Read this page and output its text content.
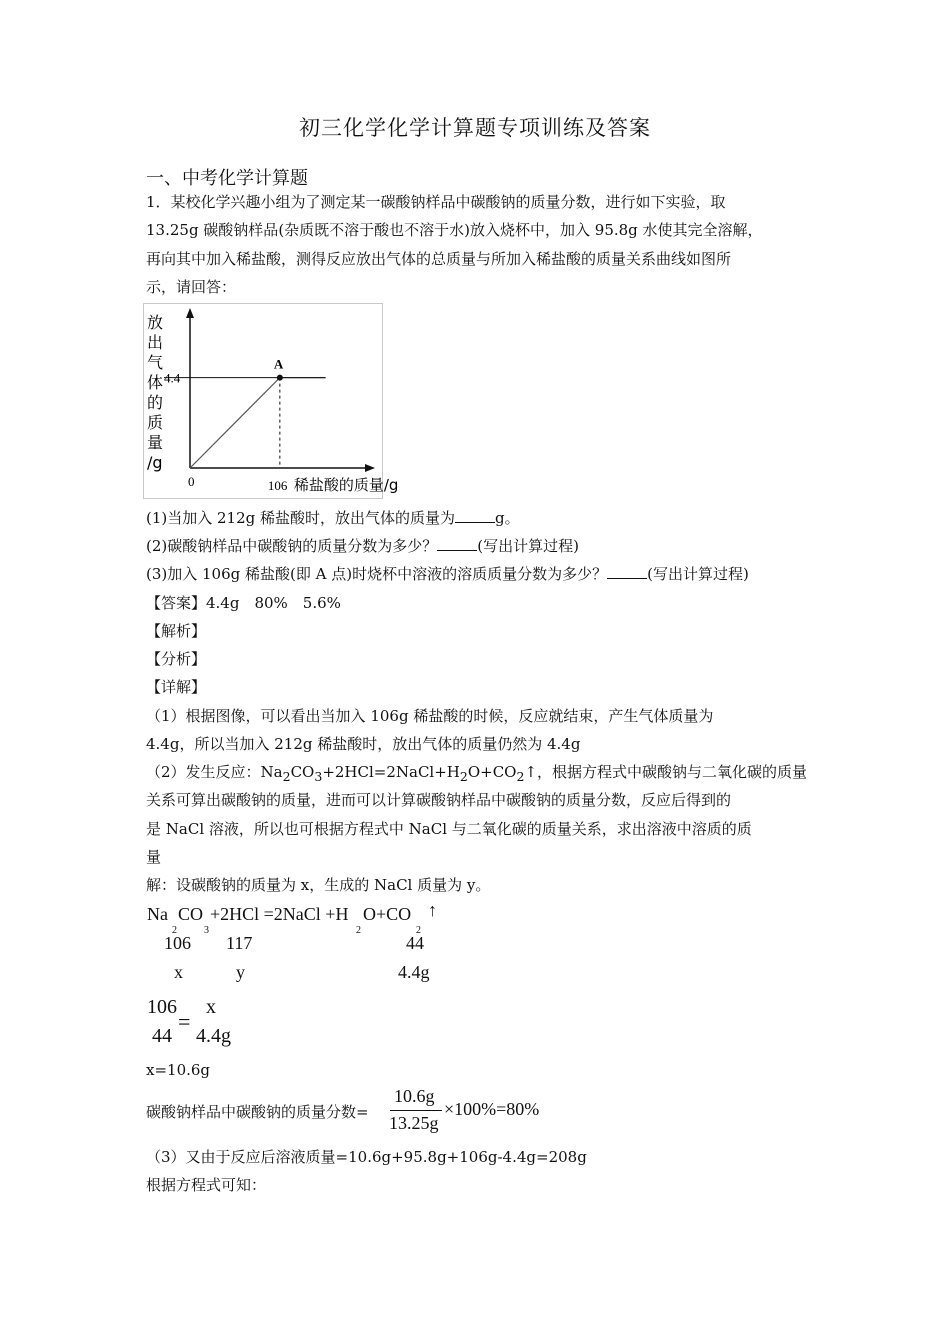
初三化学化学计算题专项训练及答案
一、中考化学计算题
1．某校化学兴趣小组为了测定某一碳酸钠样品中碳酸钠的质量分数，进行如下实验，取
13.25g 碳酸钠样品(杂质既不溶于酸也不溶于水)放入烧杯中，加入 95.8g 水使其完全溶解，
再向其中加入稀盐酸，测得反应放出气体的总质量与所加入稀盐酸的质量关系曲线如图所
示，请回答：
放
出
气
体
的
质
量
/g
A
4.4
0	106 稀盐酸的质量/g
(1)当加入 212g 稀盐酸时，放出气体的质量为	g。
(2)碳酸钠样品中碳酸钠的质量分数为多少？	(写出计算过程)
(3)加入 106g 稀盐酸(即 A 点)时烧杯中溶液的溶质质量分数为多少？	(写出计算过程)
【答案】4.4g　80%　5.6%
【解析】
【分析】
【详解】
（1）根据图像，可以看出当加入 106g 稀盐酸的时候，反应就结束，产生气体质量为
4.4g，所以当加入 212g 稀盐酸时，放出气体的质量仍然为 4.4g
（2）发生反应：$Na_2CO_3+2HCl=2NaCl+H_2O+CO_2↑$，根据方程式中碳酸钠与二氧化碳的质量
关系可算出碳酸钠的质量，进而可以计算碳酸钠样品中碳酸钠的质量分数，反应后得到的
是 NaCl 溶液，所以也可根据方程式中 NaCl 与二氧化碳的质量关系，求出溶液中溶质的质
量
解：设碳酸钠的质量为 x，生成的 NaCl 质量为 y。
Na
2
CO
3
+2HCl =2NaCl +H
2
O+CO
2
↑
106 117	44
x	y	4.4g
106
44
=
x
4.4g
x=10.6g
碳酸钠样品中碳酸钠的质量分数=
10.6g
13.25g
×100%=80%
（3）又由于反应后溶液质量=10.6g+95.8g+106g-4.4g=208g
根据方程式可知：
